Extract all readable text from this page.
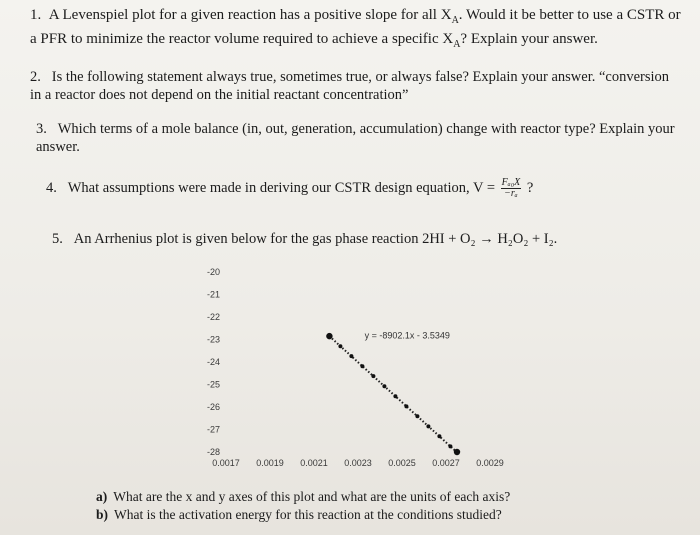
1. A Levenspiel plot for a given reaction has a positive slope for all $X_A$. Would it be better to use a CSTR or a PFR to minimize the reactor volume required to achieve a specific $X_A$? Explain your answer.
2. Is the following statement always true, sometimes true, or always false? Explain your answer. “conversion in a reactor does not depend on the initial reactant concentration”
3. Which terms of a mole balance (in, out, generation, accumulation) change with reactor type? Explain your answer.
4. What assumptions were made in deriving our CSTR design equation, $V = \frac{\text{Fₐ₀X}}{\text{−rₐ}}$ ?
5. An Arrhenius plot is given below for the gas phase reaction 2HI + O₂ → H₂O₂ + I₂.
-20
-21
-22
-23
-24
-25
-26
-27
-28
0.0017 0.0019 0.0021 0.0023 0.0025 0.0027 0.0029
y = -8902.1x - 3.5349
a) What are the x and y axes of this plot and what are the units of each axis?
b) What is the activation energy for this reaction at the conditions studied?
